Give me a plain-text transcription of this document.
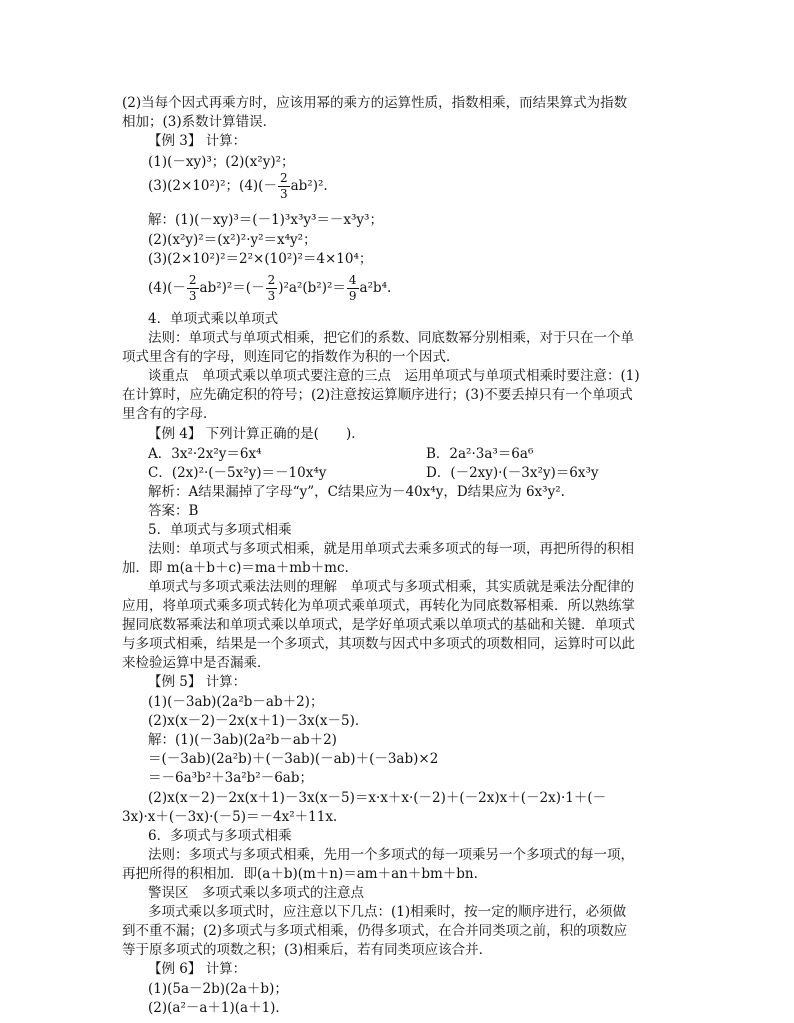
(2)当每个因式再乘方时，应该用幂的乘方的运算性质，指数相乘，而结果算式为指数
相加；(3)系数计算错误．
【例 3】 计算：
(1)(－xy)³；(2)(x²y)²；
(3)(2×10²)²；$(4)(- \frac{2}{3} ab^2)^2$.
解：(1)(－xy)³＝(－1)³x³y³＝－x³y³；
(2)(x²y)²＝(x²)²·y²＝x⁴y²；
(3)(2×10²)²＝2²×(10²)²＝4×10⁴；
$(4)(- \frac{2}{3} ab^2)^2=(- \frac{2}{3} )^2a^2(b^2)^2= \frac{4}{9} a^2b^4$.
4．单项式乘以单项式
法则：单项式与单项式相乘，把它们的系数、同底数幂分别相乘，对于只在一个单
项式里含有的字母，则连同它的指数作为积的一个因式．
谈重点　单项式乘以单项式要注意的三点　运用单项式与单项式相乘时要注意：(1)
在计算时，应先确定积的符号；(2)注意按运算顺序进行；(3)不要丢掉只有一个单项式
里含有的字母．
【例 4】 下列计算正确的是(　　)．
A．3x²·2x²y＝6x⁴	B．2a²·3a³＝6a⁶
C．(2x)²·(－5x²y)＝－10x⁴y	D．(－2xy)·(－3x²y)＝6x³y
解析：A结果漏掉了字母“y”，C结果应为－40x⁴y，D结果应为 6x³y².
答案：B
5．单项式与多项式相乘
法则：单项式与多项式相乘，就是用单项式去乘多项式的每一项，再把所得的积相
加．即 m(a＋b＋c)＝ma＋mb＋mc.
单项式与多项式乘法法则的理解　单项式与多项式相乘，其实质就是乘法分配律的
应用，将单项式乘多项式转化为单项式乘单项式，再转化为同底数幂相乘．所以熟练掌
握同底数幂乘法和单项式乘以单项式，是学好单项式乘以单项式的基础和关键．单项式
与多项式相乘，结果是一个多项式，其项数与因式中多项式的项数相同，运算时可以此
来检验运算中是否漏乘．
【例 5】 计算：
(1)(－3ab)(2a²b－ab＋2)；
(2)x(x－2)－2x(x＋1)－3x(x－5)．
解：(1)(－3ab)(2a²b－ab＋2)
＝(－3ab)(2a²b)＋(－3ab)(－ab)＋(－3ab)×2
＝－6a³b²＋3a²b²－6ab；
(2)x(x－2)－2x(x＋1)－3x(x－5)＝x·x＋x·(－2)＋(－2x)x＋(－2x)·1＋(－
3x)·x＋(－3x)·(－5)＝－4x²＋11x.
6．多项式与多项式相乘
法则：多项式与多项式相乘，先用一个多项式的每一项乘另一个多项式的每一项，
再把所得的积相加．即(a＋b)(m＋n)＝am＋an＋bm＋bn.
警误区　多项式乘以多项式的注意点
多项式乘以多项式时，应注意以下几点：(1)相乘时，按一定的顺序进行，必须做
到不重不漏；(2)多项式与多项式相乘，仍得多项式，在合并同类项之前，积的项数应
等于原多项式的项数之积；(3)相乘后，若有同类项应该合并．
【例 6】 计算：
(1)(5a－2b)(2a＋b)；
(2)(a²－a＋1)(a＋1)．
